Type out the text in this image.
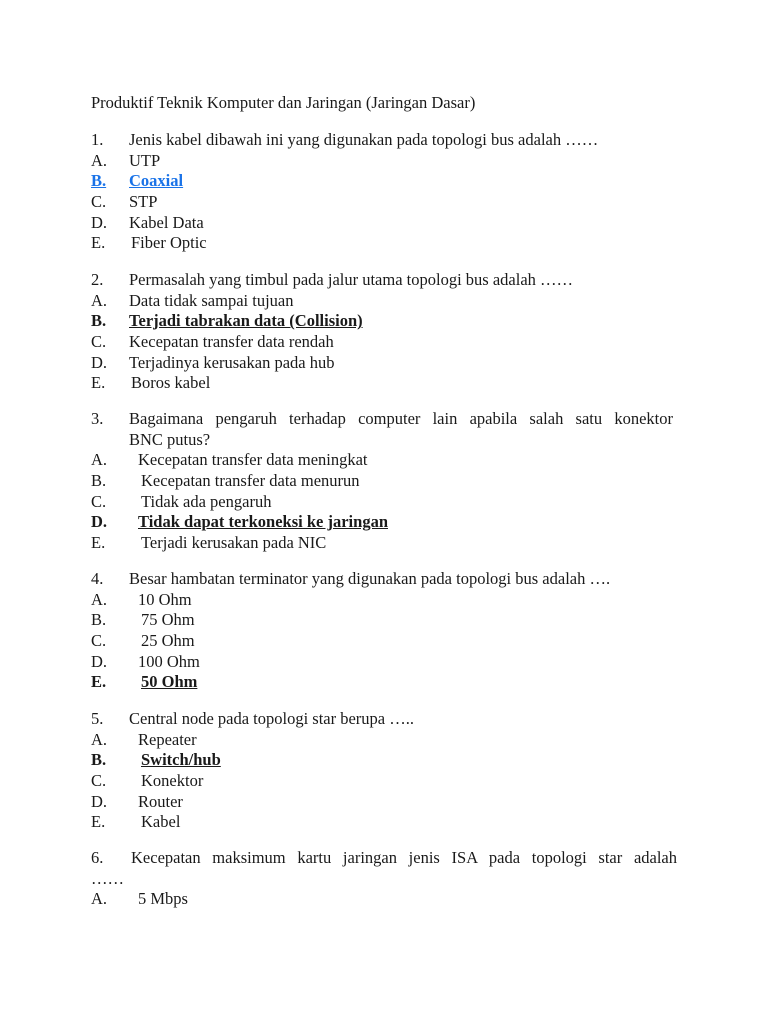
Produktif Teknik Komputer dan Jaringan (Jaringan Dasar)
1. Jenis kabel dibawah ini yang digunakan pada topologi bus adalah ……
A. UTP
B. Coaxial
C. STP
D. Kabel Data
E. Fiber Optic
2. Permasalah yang timbul pada jalur utama topologi bus adalah ……
A. Data tidak sampai tujuan
B. Terjadi tabrakan data (Collision)
C. Kecepatan transfer data rendah
D. Terjadinya kerusakan pada hub
E. Boros kabel
3.	Bagaimana pengaruh terhadap computer lain apabila salah satu konektor
BNC putus?
A. Kecepatan transfer data meningkat
B. Kecepatan transfer data menurun
C. Tidak ada pengaruh
D. Tidak dapat terkoneksi ke jaringan
E. Terjadi kerusakan pada NIC
4. Besar hambatan terminator yang digunakan pada topologi bus adalah ….
A. 10 Ohm
B. 75 Ohm
C. 25 Ohm
D. 100 Ohm
E. 50 Ohm
5. Central node pada topologi star berupa …..
A. Repeater
B. Switch/hub
C. Konektor
D. Router
E. Kabel
6.	Kecepatan maksimum kartu jaringan jenis ISA pada topologi star adalah
……
A. 5 Mbps
